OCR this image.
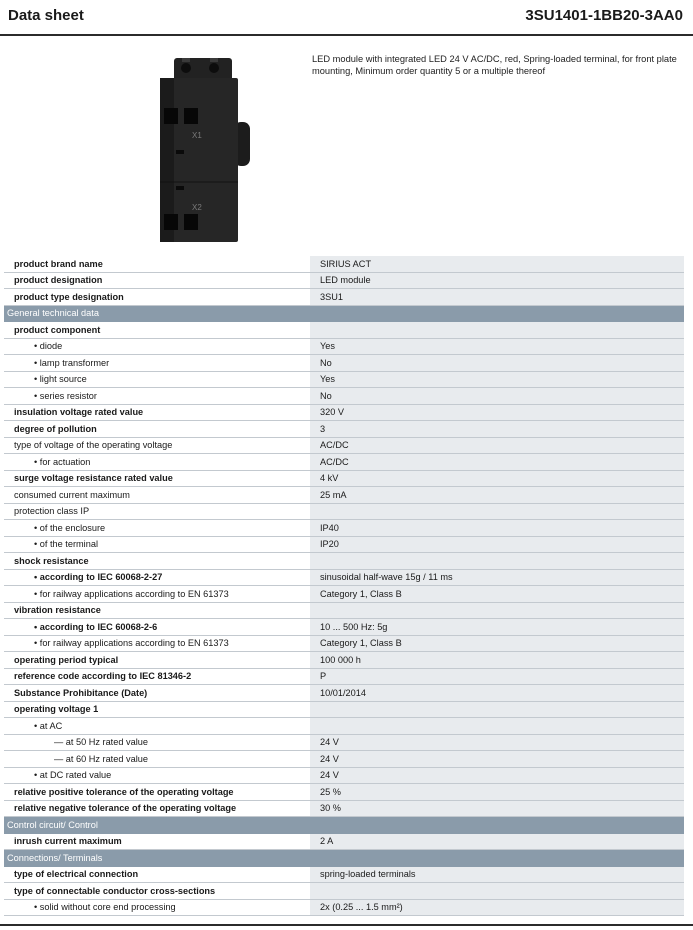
Data sheet	3SU1401-1BB20-3AA0
X1
X2
LED module with integrated LED 24 V AC/DC, red, Spring-loaded terminal, for front plate mounting, Minimum order quantity 5 or a multiple thereof
product brand name	SIRIUS ACT
product designation	LED module
product type designation	3SU1
General technical data	
product component	
• diode	Yes
• lamp transformer	No
• light source	Yes
• series resistor	No
insulation voltage rated value	320 V
degree of pollution	3
type of voltage of the operating voltage	AC/DC
• for actuation	AC/DC
surge voltage resistance rated value	4 kV
consumed current maximum	25 mA
protection class IP	
• of the enclosure	IP40
• of the terminal	IP20
shock resistance	
• according to IEC 60068-2-27	sinusoidal half-wave 15g / 11 ms
• for railway applications according to EN 61373	Category 1, Class B
vibration resistance	
• according to IEC 60068-2-6	10 ... 500 Hz: 5g
• for railway applications according to EN 61373	Category 1, Class B
operating period typical	100 000 h
reference code according to IEC 81346-2	P
Substance Prohibitance (Date)	10/01/2014
operating voltage 1	
• at AC	
— at 50 Hz rated value	24 V
— at 60 Hz rated value	24 V
• at DC rated value	24 V
relative positive tolerance of the operating voltage	25 %
relative negative tolerance of the operating voltage	30 %
Control circuit/ Control	
inrush current maximum	2 A
Connections/ Terminals	
type of electrical connection	spring-loaded terminals
type of connectable conductor cross-sections	
• solid without core end processing	2x (0.25 ... 1.5 mm²)
